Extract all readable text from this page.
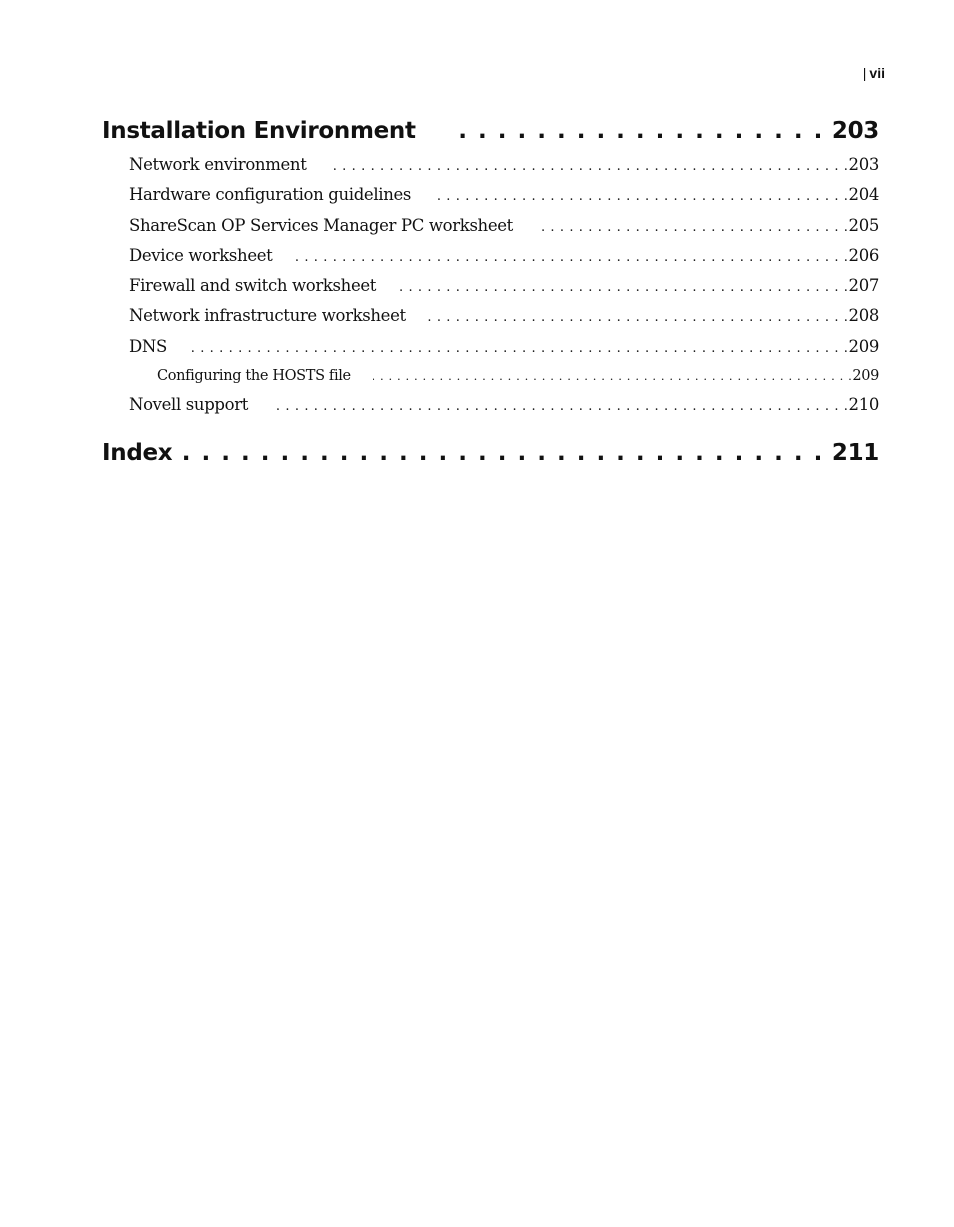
| vii
Installation Environment . . .	203
Network environment . . .	203
Hardware configuration guidelines . . .	204
ShareScan OP Services Manager PC worksheet . . .	205
Device worksheet . . .	206
Firewall and switch worksheet . . .	207
Network infrastructure worksheet . . .	208
DNS . . .	209
Configuring the HOSTS file . . .	209
Novell support . . .	210
Index . . .	211
